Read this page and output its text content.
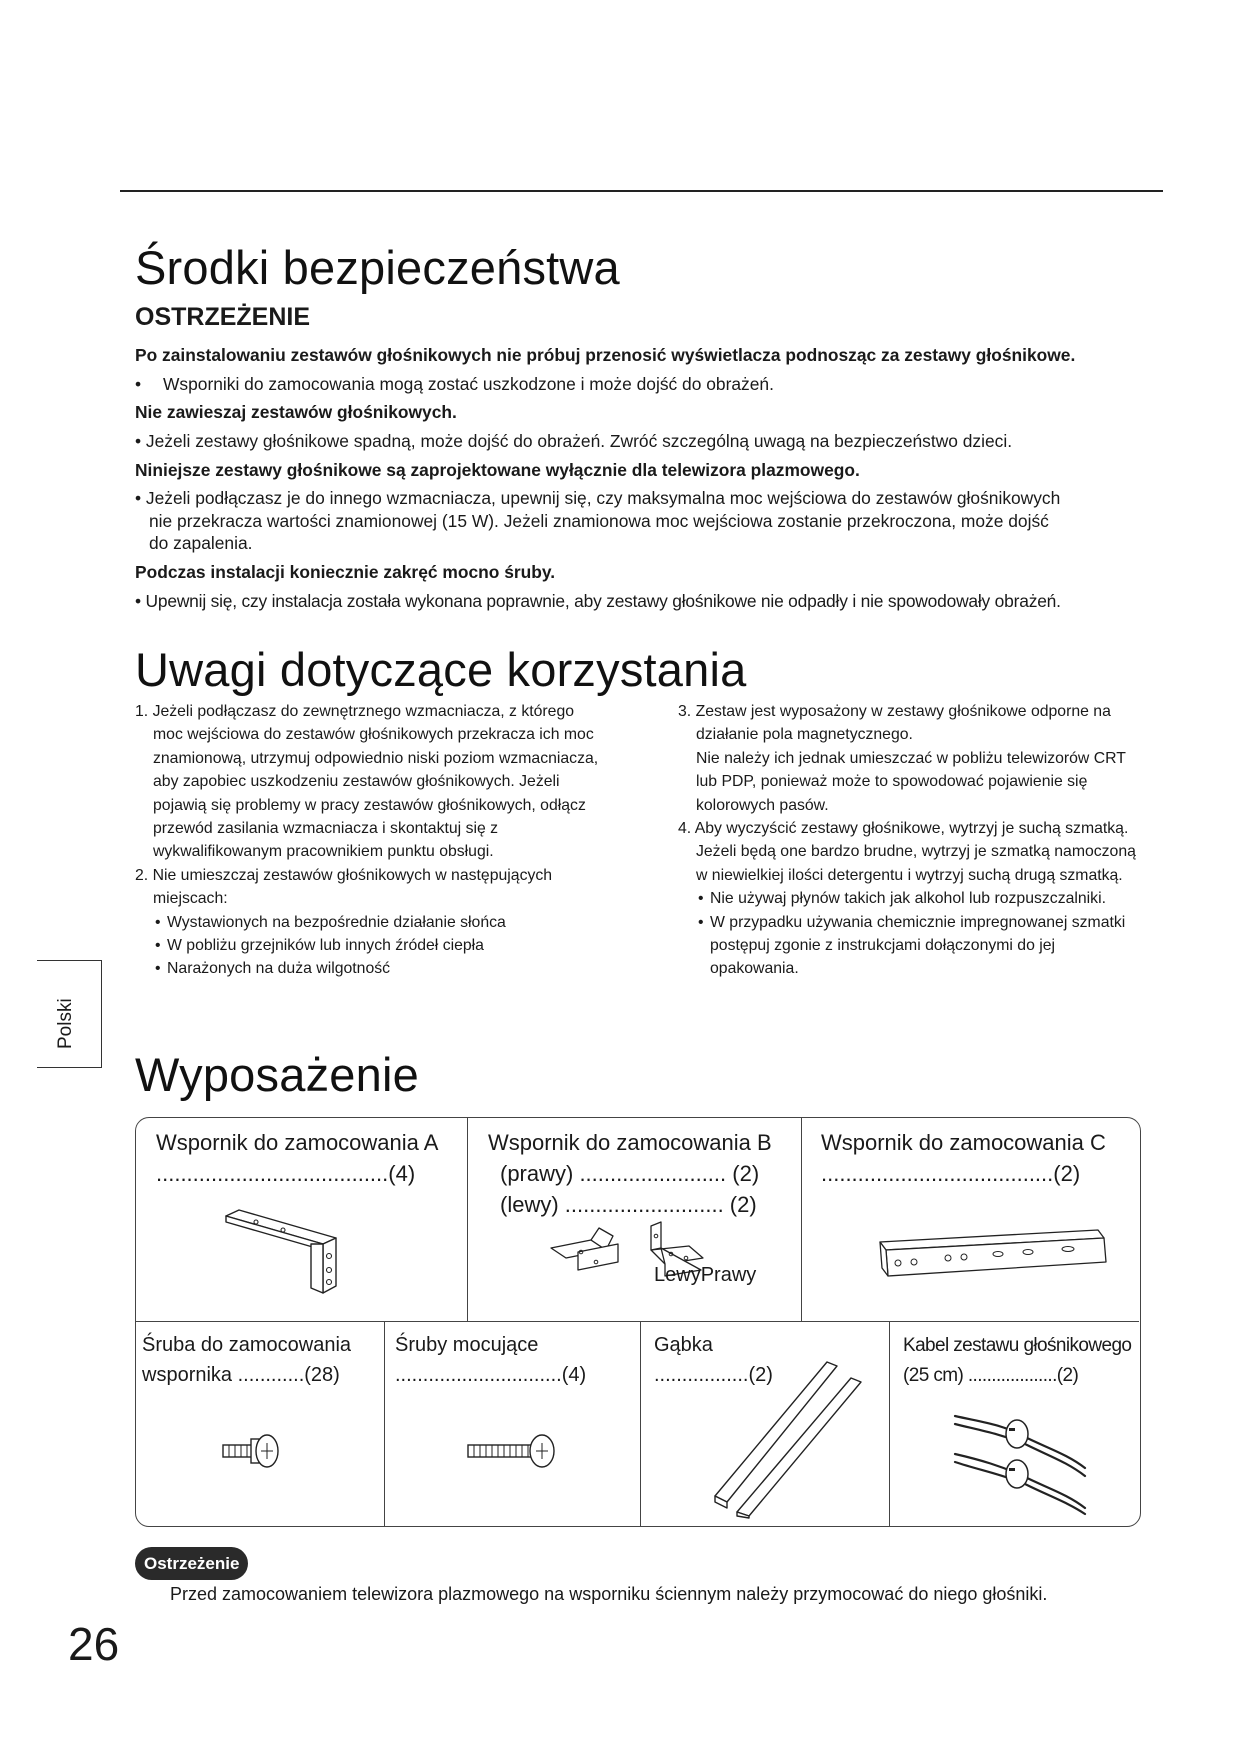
Środki bezpieczeństwa
OSTRZEŻENIE
Po zainstalowaniu zestawów głośnikowych nie próbuj przenosić wyświetlacza podnosząc za zestawy głośnikowe.
• Wsporniki do zamocowania mogą zostać uszkodzone i może dojść do obrażeń.
Nie zawieszaj zestawów głośnikowych.
• Jeżeli zestawy głośnikowe spadną, może dojść do obrażeń. Zwróć szczególną uwagą na bezpieczeństwo dzieci.
Niniejsze zestawy głośnikowe są zaprojektowane wyłącznie dla telewizora plazmowego.
• Jeżeli podłączasz je do innego wzmacniacza, upewnij się, czy maksymalna moc wejściowa do zestawów głośnikowych nie przekracza wartości znamionowej (15 W). Jeżeli znamionowa moc wejściowa zostanie przekroczona, może dojść do zapalenia.
Podczas instalacji koniecznie zakręć mocno śruby.
• Upewnij się, czy instalacja została wykonana poprawnie, aby zestawy głośnikowe nie odpadły i nie spowodowały obrażeń.
Uwagi dotyczące korzystania
1. Jeżeli podłączasz do zewnętrznego wzmacniacza, z którego moc wejściowa do zestawów głośnikowych przekracza ich moc znamionową, utrzymuj odpowiednio niski poziom wzmacniacza, aby zapobiec uszkodzeniu zestawów głośnikowych. Jeżeli pojawią się problemy w pracy zestawów głośnikowych, odłącz przewód zasilania wzmacniacza i skontaktuj się z wykwalifikowanym pracownikiem punktu obsługi.
2. Nie umieszczaj zestawów głośnikowych w następujących miejscach:
• Wystawionych na bezpośrednie działanie słońca
• W pobliżu grzejników lub innych źródeł ciepła
• Narażonych na duża wilgotność
3. Zestaw jest wyposażony w zestawy głośnikowe odporne na działanie pola magnetycznego.
Nie należy ich jednak umieszczać w pobliżu telewizorów CRT lub PDP, ponieważ może to spowodować pojawienie się kolorowych pasów.
4. Aby wyczyścić zestawy głośnikowe, wytrzyj je suchą szmatką. Jeżeli będą one bardzo brudne, wytrzyj je szmatką namoczoną w niewielkiej ilości detergentu i wytrzyj suchą drugą szmatką.
• Nie używaj płynów takich jak alkohol lub rozpuszczalniki.
• W przypadku używania chemicznie impregnowanej szmatki postępuj zgonie z instrukcjami dołączonymi do jej opakowania.
Polski
Wyposażenie
Wspornik do zamocowania A
......................................(4)
Wspornik do zamocowania B
(prawy) ........................ (2)
(lewy) .......................... (2)
LewyPrawy
Wspornik do zamocowania C
......................................(2)
Śruba do zamocowania
wspornika ............(28)
Śruby mocujące
..............................(4)
Gąbka
.................(2)
Kabel zestawu głośnikowego
(25 cm) ...................(2)
Ostrzeżenie
Przed zamocowaniem telewizora plazmowego na wsporniku ściennym należy przymocować do niego głośniki.
26
